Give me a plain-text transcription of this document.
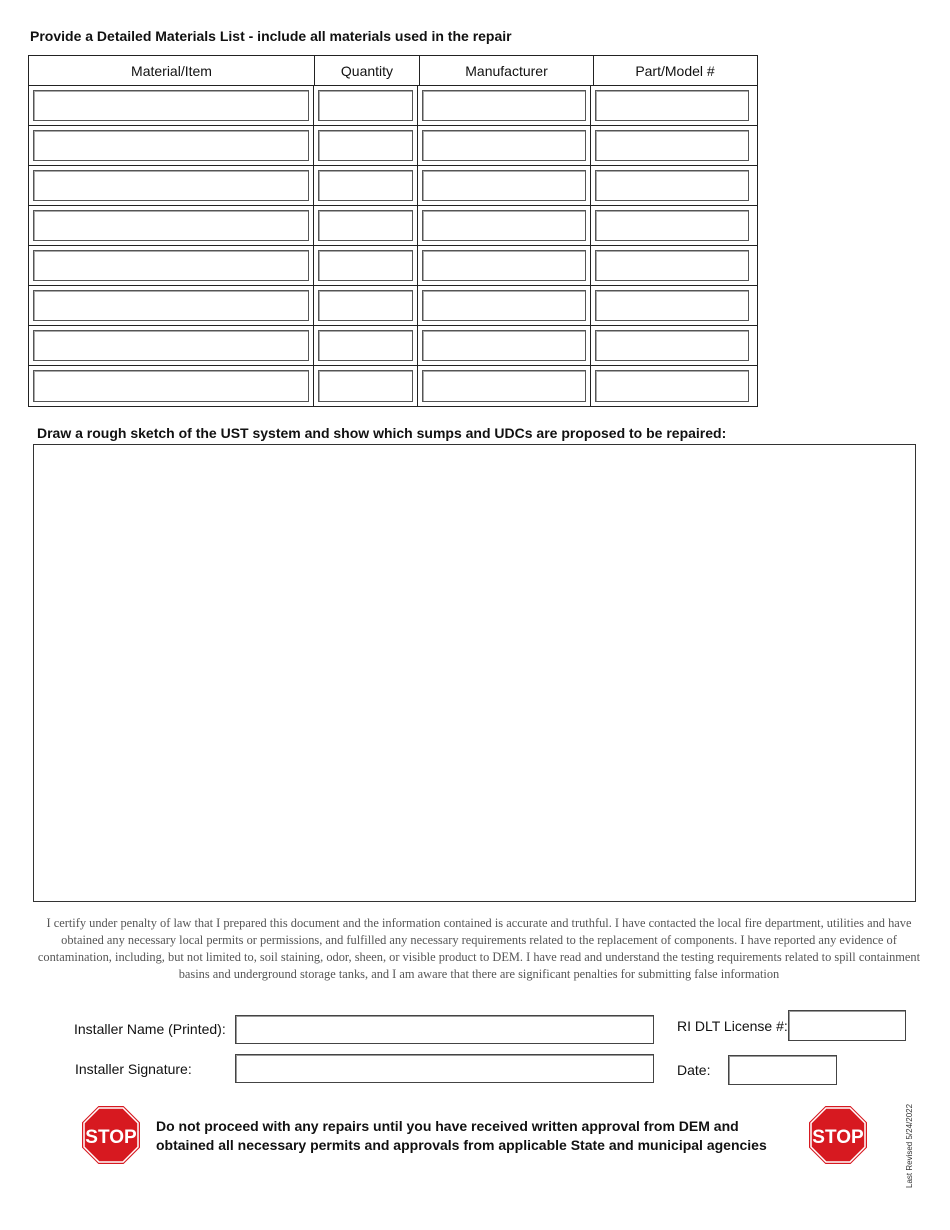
Provide a Detailed Materials List - include all materials used in the repair
Material/Item	Quantity	Manufacturer	Part/Model #
Draw a rough sketch of the UST system and show which sumps and UDCs are proposed to be repaired:
I certify under penalty of law that I prepared this document and the information contained is accurate and truthful. I have contacted the local fire department, utilities and have obtained any necessary local permits or permissions, and fulfilled any necessary requirements related to the replacement of components. I have reported any evidence of contamination, including, but not limited to, soil staining, odor, sheen, or visible product to DEM. I have read and understand the testing requirements related to spill containment basins and underground storage tanks, and I am aware that there are significant penalties for submitting false information
Installer Name (Printed):
Installer Signature:
RI DLT License #:
Date:
STOP
Do not proceed with any repairs until you have received written approval from DEM and
obtained all necessary permits and approvals from applicable State and municipal agencies	STOP	Last Revised 5/24/2022
